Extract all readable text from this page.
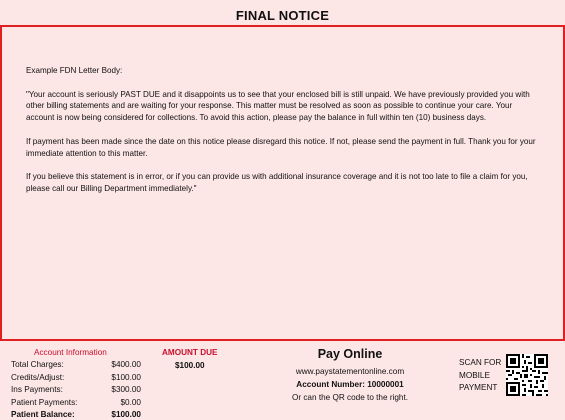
FINAL NOTICE

Example FDN Letter Body:

"Your account is seriously PAST DUE and it disappoints us to see that your enclosed bill is still unpaid. We have previously provided you with other billing statements and are waiting for your response. This matter must be resolved as soon as possible to continue your care. Your account is now being considered for collections. To avoid this action, please pay the balance in full within ten (10) business days.

If payment has been made since the date on this notice please disregard this notice. If not, please send the payment in full. Thank you for your immediate attention to this matter.

If you believe this statement is in error, or if you can provide us with additional insurance coverage and it is not too late to file a claim for you, please call our Billing Department immediately."

Account Information
Total Charges:	$400.00
Credits/Adjust:	$100.00
Ins Payments:	$300.00
Patient Payments:	$0.00
Patient Balance:	$100.00
AMOUNT DUE
$100.00
Pay Online
www.paystatementonline.com
Account Number: 10000001
Or can the QR code to the right.
SCAN FOR
MOBILE
PAYMENT
